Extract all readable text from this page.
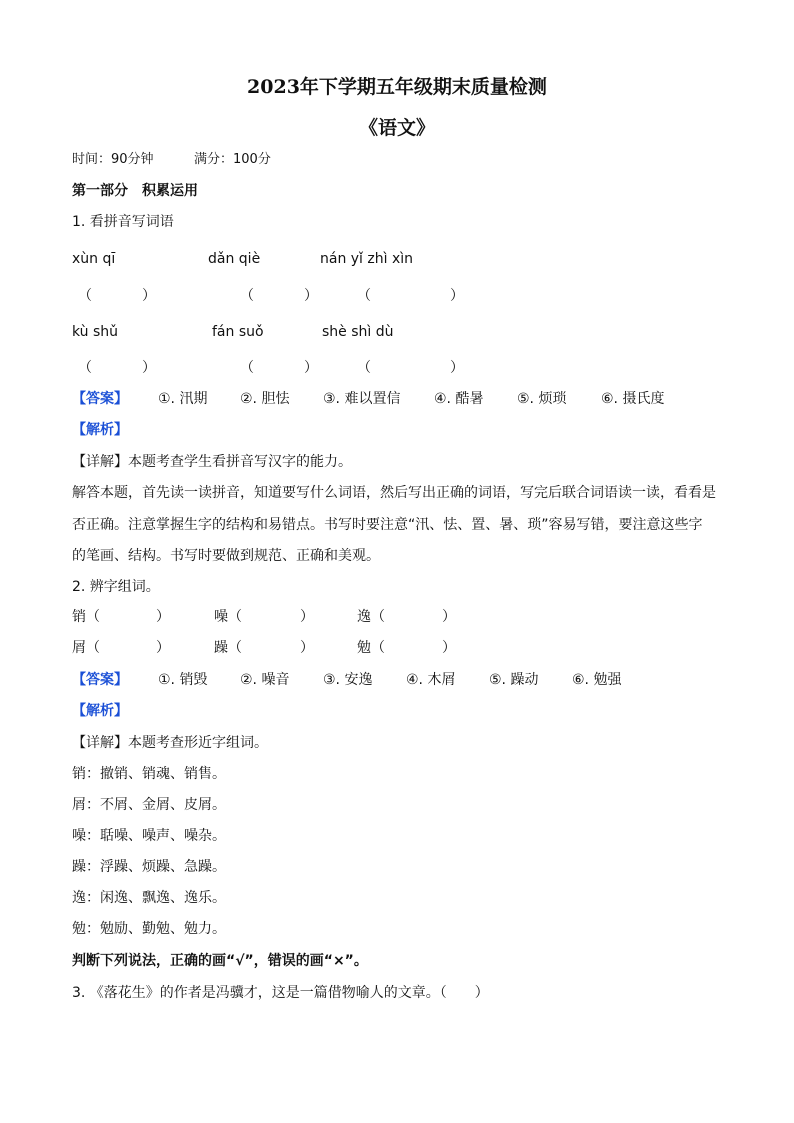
2023年下学期五年级期末质量检测
《语文》
时间：90分钟	满分：100分
第一部分　积累运用
1. 看拼音写词语
xùn qī	dǎn qiè	nán yǐ zhì xìn
（	）	（	）	（	）
kù shǔ	fán suǒ	shè shì dù
（	）	（	）	（	）
【答案】 ①. 汛期 ②. 胆怯 ③. 难以置信 ④. 酷暑 ⑤. 烦琐 ⑥. 摄氏度
【解析】
【详解】本题考查学生看拼音写汉字的能力。
解答本题，首先读一读拼音，知道要写什么词语，然后写出正确的词语，写完后联合词语读一读，看看是
否正确。注意掌握生字的结构和易错点。书写时要注意“汛、怯、置、暑、琐”容易写错，要注意这些字
的笔画、结构。书写时要做到规范、正确和美观。
2. 辨字组词。
销（	）	噪（	）	逸（	）
屑（	）	躁（	）	勉（	）
【答案】 ①. 销毁 ②. 噪音 ③. 安逸 ④. 木屑 ⑤. 躁动 ⑥. 勉强
【解析】
【详解】本题考查形近字组词。
销：撤销、销魂、销售。
屑：不屑、金屑、皮屑。
噪：聒噪、噪声、噪杂。
躁：浮躁、烦躁、急躁。
逸：闲逸、飘逸、逸乐。
勉：勉励、勤勉、勉力。
判断下列说法，正确的画“√”，错误的画“×”。
3. 《落花生》的作者是冯骥才，这是一篇借物喻人的文章。（　　）
